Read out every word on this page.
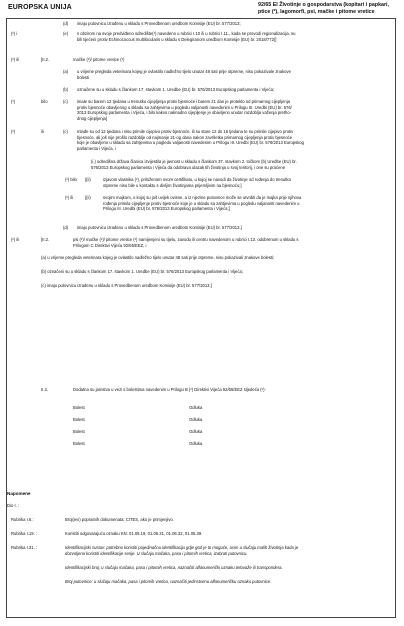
EUROPSKA UNIJA	92/65 EI Životinje o gospodarstva (kopitari i papkari,
ptice (²), lagomorfi, psi, mačke i pitome vretice
(d) imaju putovnicu izrađenu u skladu s Provedbenom uredbom Komisije (EU) br. 577/2013;
(²) i	(e) s obzirom na svoje predviđeno odredište(²) navedeno u rubrici I.10 ili u rubrici I.11., kada se provodi regionalizacija, su
bili tijećeni protiv Echinococcus multilocularis u skladu s Delegiranom uredbom Komisije (EU) br. 2018/772)]
(²) ili	[II.2.	mačke (²)/ pitome vretice (²)
(a) u vrijeme pregleda veterinara kojeg je ovlastilo nadležno tijelo unutar 48 sati prije otpreme, nisu pokazivale znakove
bolesti
(b) označene su u skladu s člankom 17. stavkom 1. Uredbe (EU) br. 576/2013 Europskog parlamenta i Vijeća;
(²)	bilo	(c) imale su barem 12 tjedana u trenutku cijepljenja protiv bjesnoće i barem 21 dan je proteklo od primarnog cijepljenja
protiv bjesnoće obavljenog u skladu sa zahtjevima u pogledu valjanosti navedenim u Prilogu III. Uredbi (EU) br. 576/
2013 Europskog parlamenta i Vijeća, i bilo kakvo naknadno cijepljenje je obavljeno unutar razdoblja važenja pretho-
dnog cijepljenja]
(²)	ili	(c) mlađe su od 12 tjedana i nisu primile cijepivo protiv bjesnoće, ili su stare 12 do 16 tjedana te su primile cijepivo protiv
bjesnoće, ali još nije prošlo razdoblje od najmanje 21-og dana nakon završetka primarnog cijepljenja protiv bjesnoće
koje je obavljeno u skladu sa zahtjevima u pogledu valjanosti navedenim u Prilogu III. Uredbi (EU) br. 576/2013 Europskog
parlamenta i Vijeća, i
(i.) odredišna država članica izvijestila je javnost u skladu s člankom 37. stavkom 2. točkom (b) Uredbe (EU) br.
576/2013 Europskog parlamenta i Vijeća da odobrava ulazak tih životinja u svoj teritorij, i one su praćene
(²) bilo [(ii)	izjavom vlasnika (²), priloženom ovom certifikatu, u kojoj se navodi da životinje od rođenja do trenutka
otpreme nisu bile u kontaktu s divljim životinjama prijemljivim na bjesnoću;]
(²) ili	[(ii)	svojim majkom, o kojoj su još uvijek ovisne, a iz njezine putovnice može se utvrditi da je majka prije njihova
rođenja primila cijepljenje protiv bjesnoće koje je u skladu sa zahtjevima u pogledu valjanosti navedenim u
Prilogu III. Uredbi (EU) br. 576/2013 Europskog parlamenta i Vijeća;]
(d) imaju putovnicu izrađenu u skladu s Provedbenom uredbom Komisije (EU) br. 577/2013.]
(²) ili	[II.2.	psi (²)/ mačke (²)/ pitome vretice (²) namijenjeni su tijelu, zavodu ili centru navedenom u rubrici I.13. odobrenom u skladu s
Prilogom C Direktivi Vijeća 92/65/EEZ, i
(a) u vrijeme pregleda veterinara kojeg je ovlastilo nadležno tijelo unutar 48 sati prije otpreme, nisu pokazivali znakove bolesti;
(b) označeni su u skladu s člankom 17. stavkom 1. Uredbe (EU) br. 576/2013 Europskog parlamenta i Vijeća;
(c) imaju putovnicu izrađenu u skladu s Provedbenom uredbom Komisije (EU) br. 577/2013.]
II.3.	Dodatna su jamstva u vezi s bolestima navedenim u Prilogu B (²) Direktivi Vijeća 92/65/EEZ sljedeća (²):
Bolest	Odluka
Bolest	Odluka
Bolest	Odluka
Bolest	Odluka
Napomene
Dio I. :
Rubrika I.6.:	Broj(evi) popratnih dokumenata: CITES, ako je primjenjivo.
Rubrika I.19. :	Koristiti odgovarajuću oznaku KN: 01.06.19, 01.06.31, 01.06.32, 01.05.39.
Rubrika I.31. :	Identifikacijski sustav: potrebno koristiti pojedinačnu identifikaciju gdje god je to moguće, osim u slučaju malih životinja kada je
dozvoljeno koristiti identifikacije serije. U slučaju mačaka, pasa i pitomih vretica, izabrati putovnicu.
Identifikacijski broj: u slučaju mačaka, pasa i pitomih vretica, naznačiti alfanumerički oznaku tetovaže ili transpondera.
Broj putovnice: u slučaju mačaka, pasa i pitomih vretica, naznačiti jedinstvenu alfanumeričku oznaku putovnice.
